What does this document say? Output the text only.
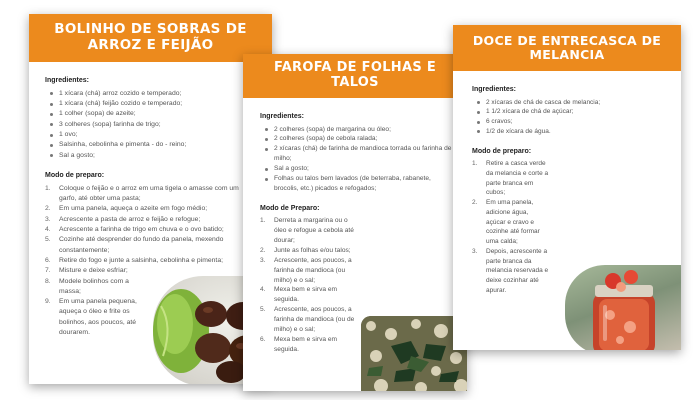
BOLINHO DE SOBRAS DE ARROZ E FEIJÃO

Ingredientes:

1 xícara (chá) arroz cozido e temperado;
1 xícara (chá) feijão cozido e temperado;
1 colher (sopa) de azeite;
3 colheres (sopa) farinha de trigo;
1 ovo;
Salsinha, cebolinha e pimenta - do - reino;
Sal a gosto;

Modo de preparo:

Coloque o feijão e o arroz em uma tigela o amasse com um garfo, até obter uma pasta;
Em uma panela, aqueça o azeite em fogo médio;
Acrescente a pasta de arroz e feijão e refogue;
Acrescente a farinha de trigo em chuva e o ovo batido;
Cozinhe até desprender do fundo da panela, mexendo constantemente;
Retire do fogo e junte a salsinha, cebolinha e pimenta;
Misture e deixe esfriar;
Modele bolinhos com a massa;
Em uma panela pequena, aqueça o óleo e frite os bolinhos, aos poucos, até dourarem.
FAROFA DE FOLHAS E TALOS

Ingredientes:

2 colheres (sopa) de margarina ou óleo;
2 colheres (sopa) de cebola ralada;
2 xícaras (chá) de farinha de mandioca torrada ou farinha de milho;
Sal a gosto;
Folhas ou talos bem lavados (de beterraba, rabanete, brocolis, etc.) picados e refogados;

Modo de Preparo:

Derreta a margarina ou o óleo e refogue a cebola até dourar;
Junte as folhas e/ou talos;
Acrescente, aos poucos, a farinha de mandioca (ou milho) e o sal;
Mexa bem e sirva em seguida.
Acrescente, aos poucos, a farinha de mandioca (ou de milho) e o sal;
Mexa bem e sirva em seguida.
DOCE DE ENTRECASCA DE MELANCIA

Ingredientes:

2 xícaras de chá de casca de melancia;
1 1/2 xícara de chá de açúcar;
6 cravos;
1/2 de xícara de água.

Modo de preparo:

Retire a casca verde da melancia e corte a parte branca em cubos;
Em uma panela, adicione água, açúcar e cravo e cozinhe até formar uma calda;
Depois, acrescente a parte branca da melancia reservada e deixe cozinhar até apurar.
